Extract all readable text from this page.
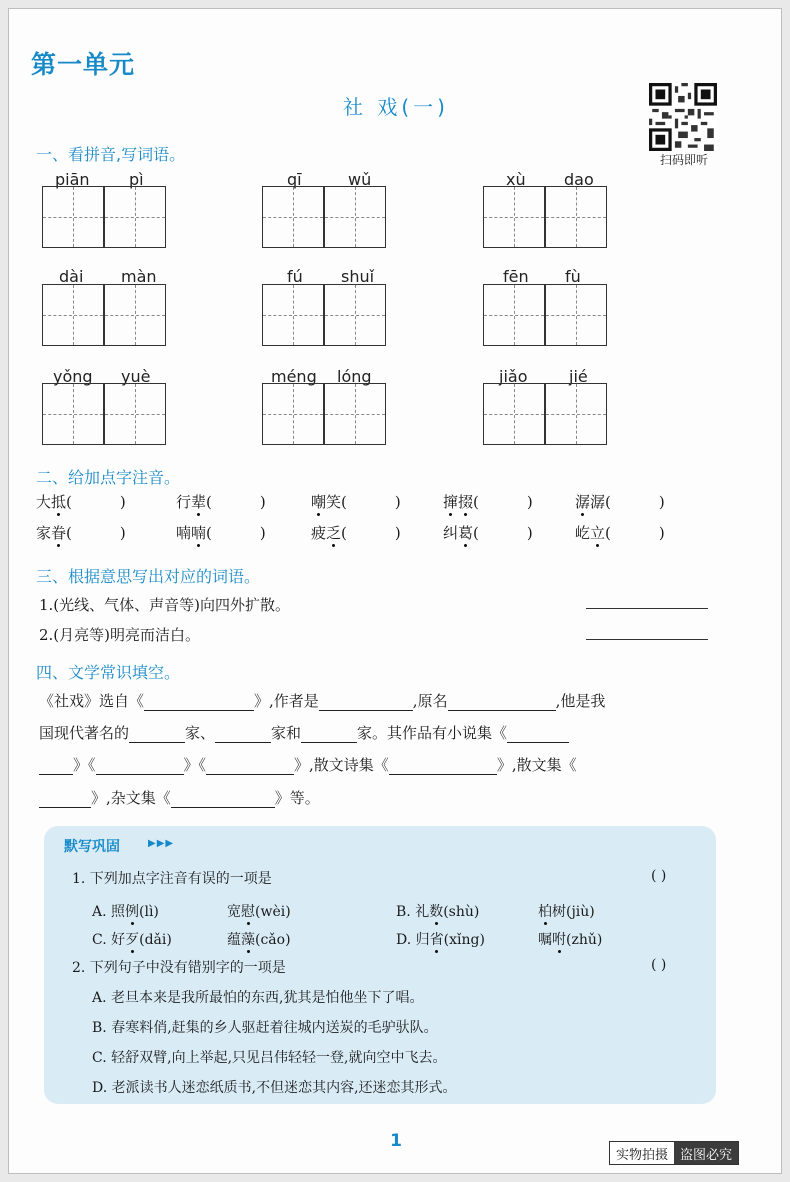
第一单元
社 戏(一)
扫码即听
一、看拼音,写词语。
piān pì	qī	wǔ	xù dao
dài màn	fú shuǐ	fēn fù
yǒng yuè	méng lóng	jiǎo	jié
二、给加点字注音。
大抵(	)	行辈(	)	嘲笑(	)	撺掇(	)	潺潺(	)
家眷(	)	喃喃(	)	疲乏(	)	纠葛(	)	屹立(	)
三、根据意思写出对应的词语。
1.(光线、气体、声音等)向四外扩散。
2.(月亮等)明亮而洁白。
四、文学常识填空。
《社戏》选自《	》,作者是	,原名	,他是我
国现代著名的	家、	家和	家。其作品有小说集《
》《	》《	》,散文诗集《	》,散文集《
》,杂文集《	》等。
默写巩固	▶▶▶
1. 下列加点字注音有误的一项是	( )
A. 照例(lì)	宽慰(wèi)	B. 礼数(shù)	柏树(jiù)
C. 好歹(dǎi)	蕴藻(cǎo)	D. 归省(xǐng)	嘱咐(zhǔ)
2. 下列句子中没有错别字的一项是	( )
A. 老旦本来是我所最怕的东西,犹其是怕他坐下了唱。
B. 春寒料俏,赶集的乡人驱赶着往城内送炭的毛驴驮队。
C. 轻舒双臂,向上举起,只见吕伟轻轻一登,就向空中飞去。
D. 老派读书人迷恋纸质书,不但迷恋其内容,还迷恋其形式。
1
实物拍摄 盗图必究
